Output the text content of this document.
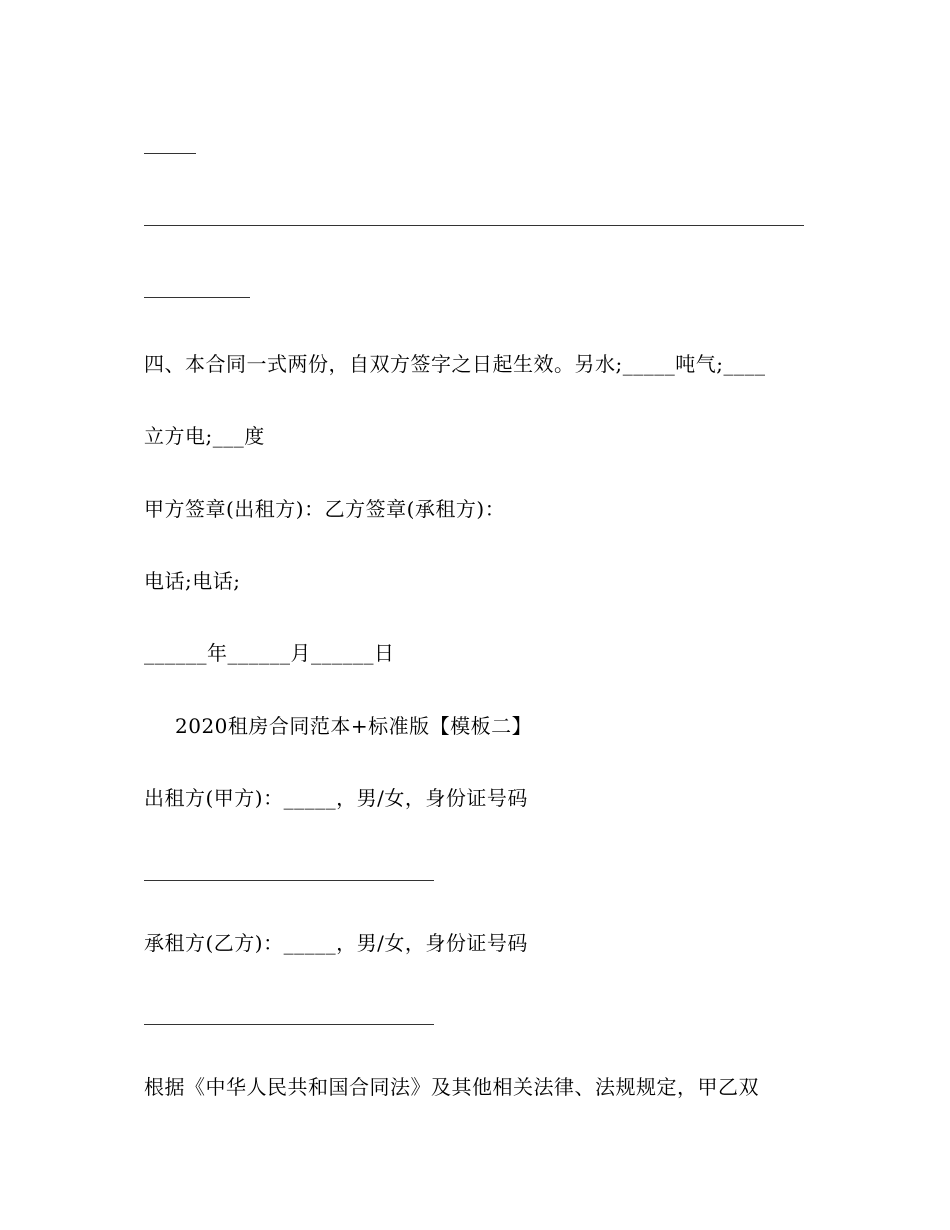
四、本合同一式两份，自双方签字之日起生效。另水;_____吨气;____
立方电;___度
甲方签章(出租方)：乙方签章(承租方)：
电话;电话;
______年______月______日
2020租房合同范本+标准版【模板二】
出租方(甲方)：_____，男/女，身份证号码
承租方(乙方)：_____，男/女，身份证号码
根据《中华人民共和国合同法》及其他相关法律、法规规定，甲乙双
